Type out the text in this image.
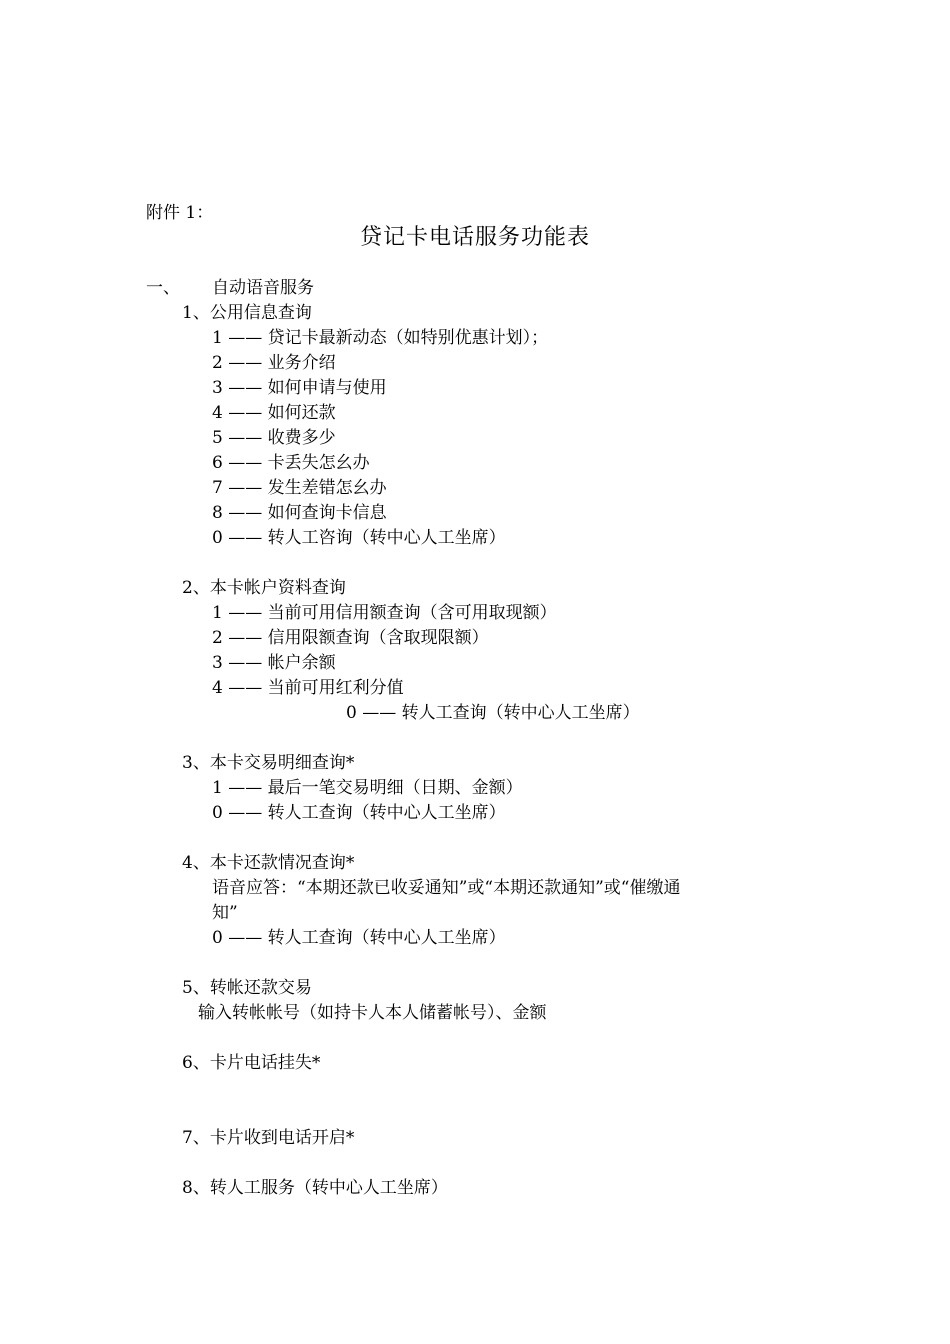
附件 1：
贷记卡电话服务功能表
一、 自动语音服务
1、公用信息查询
1 —— 贷记卡最新动态（如特别优惠计划）；
2 —— 业务介绍
3 —— 如何申请与使用
4 —— 如何还款
5 —— 收费多少
6 —— 卡丢失怎幺办
7 —— 发生差错怎幺办
8 —— 如何查询卡信息
0 —— 转人工咨询（转中心人工坐席）
2、本卡帐户资料查询
1 —— 当前可用信用额查询（含可用取现额）
2 —— 信用限额查询（含取现限额）
3 —— 帐户余额
4 —— 当前可用红利分值
0 —— 转人工查询（转中心人工坐席）
3、本卡交易明细查询*
1 —— 最后一笔交易明细（日期、金额）
0 —— 转人工查询（转中心人工坐席）
4、本卡还款情况查询*
语音应答：“本期还款已收妥通知”或“本期还款通知”或“催缴通
知”
0 —— 转人工查询（转中心人工坐席）
5、转帐还款交易
输入转帐帐号（如持卡人本人储蓄帐号）、金额
6、卡片电话挂失*
7、卡片收到电话开启*
8、转人工服务（转中心人工坐席）
